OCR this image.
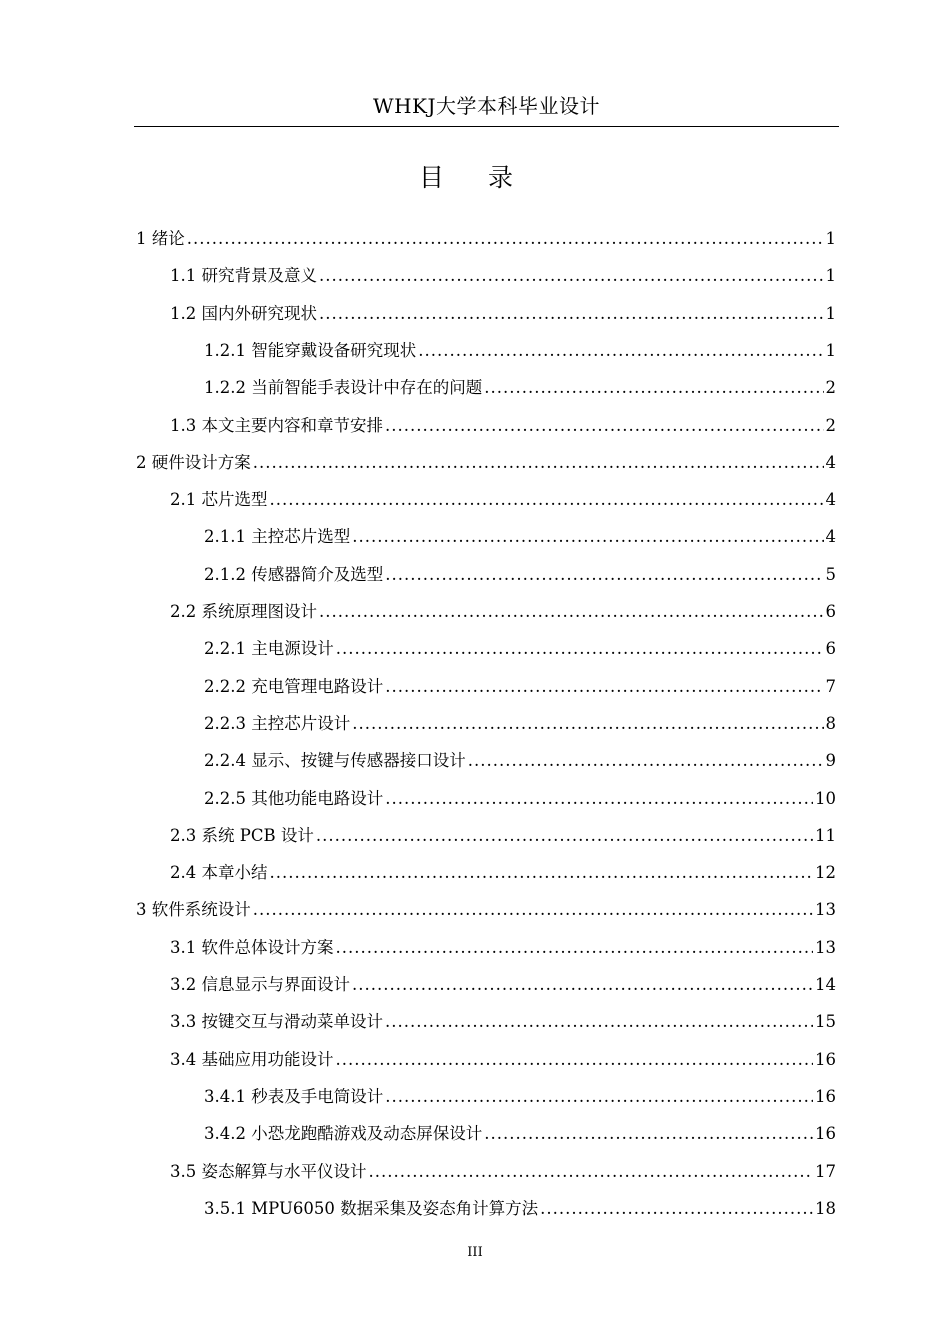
WHKJ大学本科毕业设计
目 录
1 绪论 .....	1
1.1 研究背景及意义 .....	1
1.2 国内外研究现状 .....	1
1.2.1 智能穿戴设备研究现状 .....	1
1.2.2 当前智能手表设计中存在的问题 .....	2
1.3 本文主要内容和章节安排 .....	2
2 硬件设计方案 .....	4
2.1 芯片选型 .....	4
2.1.1 主控芯片选型 .....	4
2.1.2 传感器简介及选型 .....	5
2.2 系统原理图设计 .....	6
2.2.1 主电源设计 .....	6
2.2.2 充电管理电路设计 .....	7
2.2.3 主控芯片设计 .....	8
2.2.4 显示、按键与传感器接口设计 .....	9
2.2.5 其他功能电路设计 .....	10
2.3 系统 PCB 设计 .....	11
2.4 本章小结 .....	12
3 软件系统设计 .....	13
3.1 软件总体设计方案 .....	13
3.2 信息显示与界面设计 .....	14
3.3 按键交互与滑动菜单设计 .....	15
3.4 基础应用功能设计 .....	16
3.4.1 秒表及手电筒设计 .....	16
3.4.2 小恐龙跑酷游戏及动态屏保设计 .....	16
3.5 姿态解算与水平仪设计 .....	17
3.5.1 MPU6050 数据采集及姿态角计算方法 .....	18
III
